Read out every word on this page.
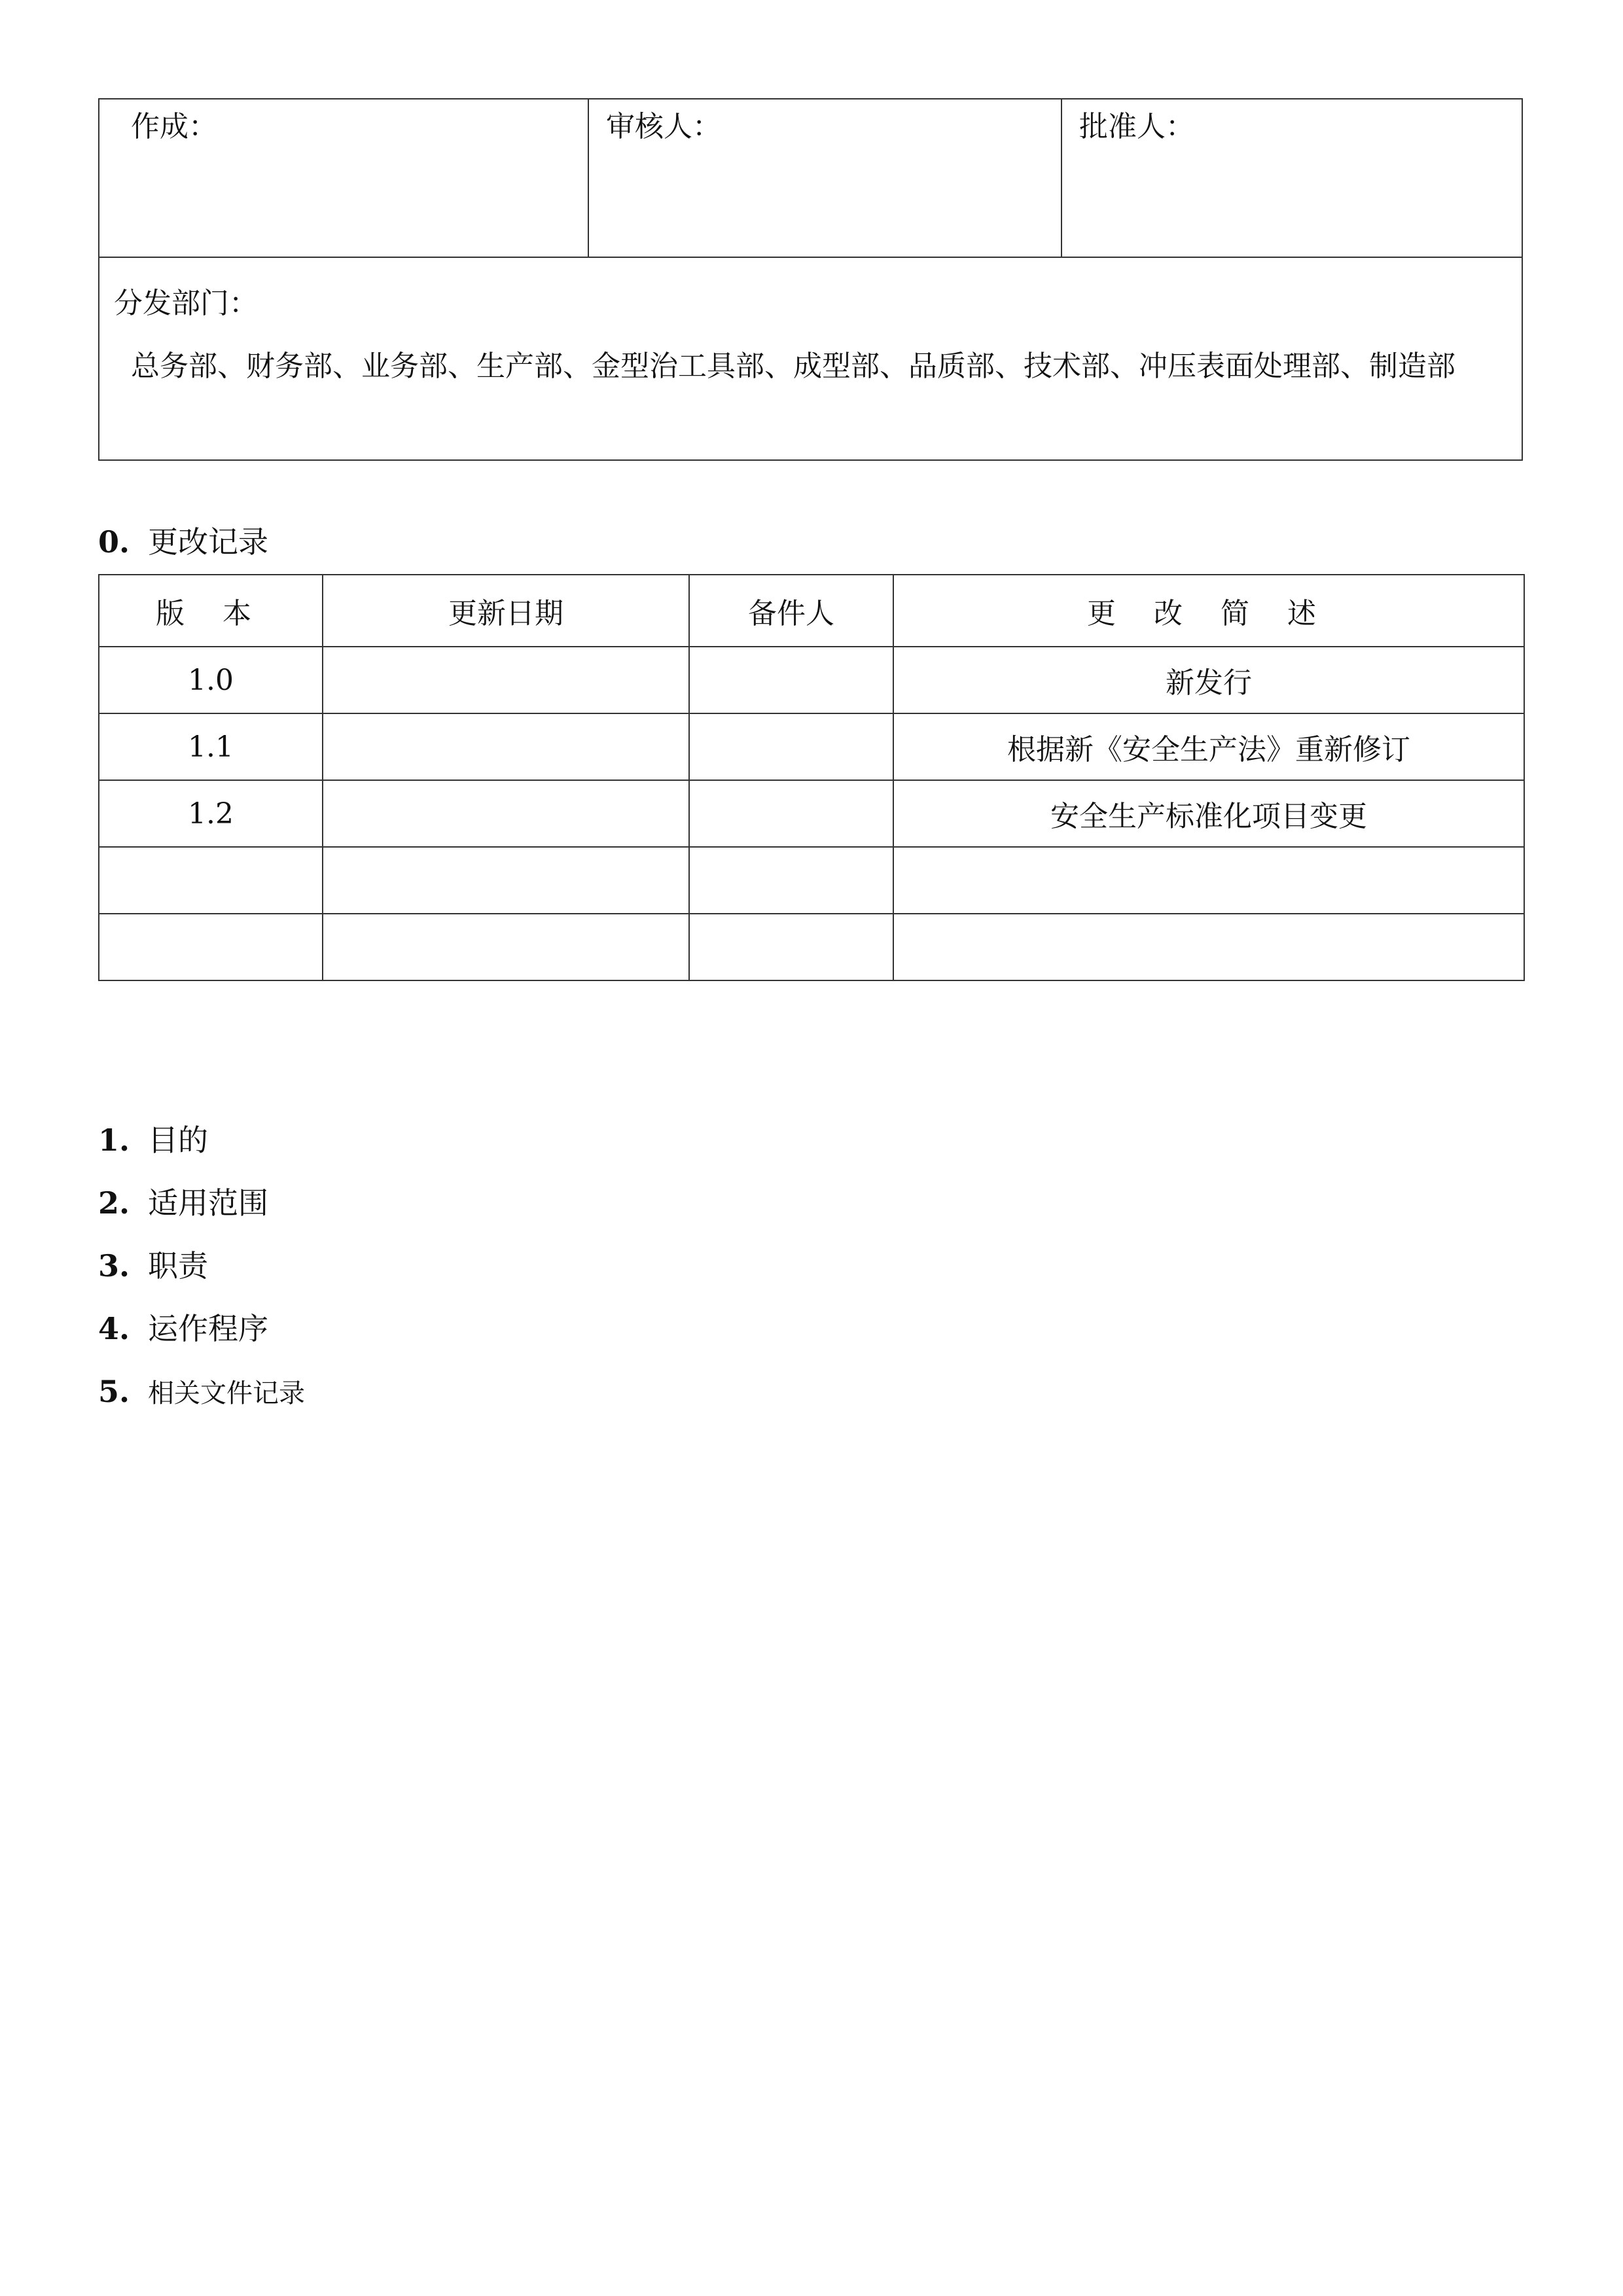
作成：	审核人：	批准人：

分发部门：
总务部、财务部、业务部、生产部、金型治工具部、成型部、品质部、技术部、冲压表面处理部、制造部
0. 更改记录
版 本	更新日期	备件人	更 改 简 述
1.0			新发行
1.1			根据新《安全生产法》重新修订
1.2			安全生产标准化项目变更

1. 目的
2. 适用范围
3. 职责
4. 运作程序
5. 相关文件记录
